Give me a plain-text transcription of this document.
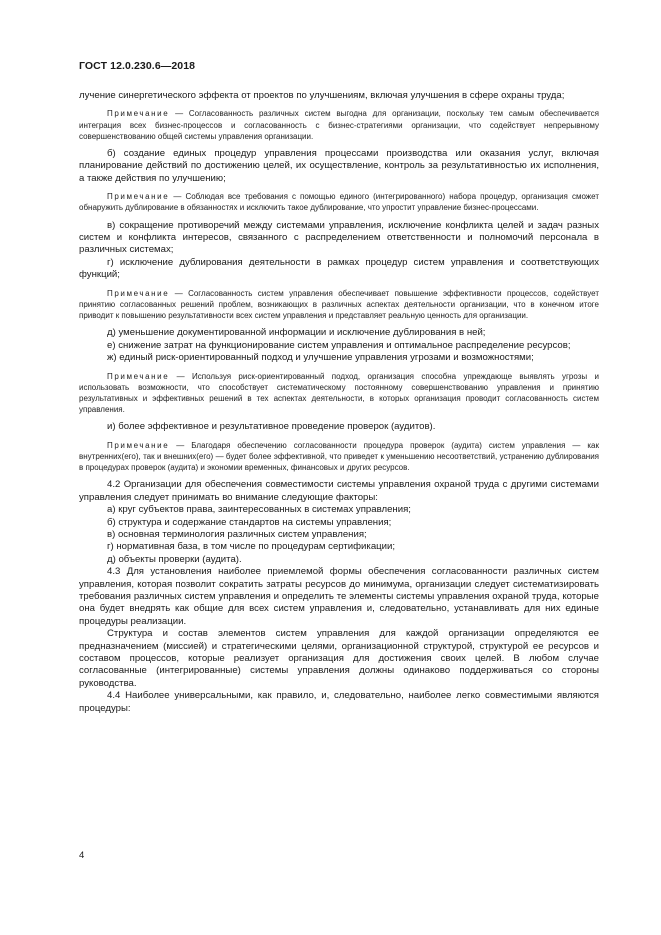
ГОСТ 12.0.230.6—2018

лучение синергетического эффекта от проектов по улучшениям, включая улучшения в сфере охраны труда;

Примечание — Согласованность различных систем выгодна для организации, поскольку тем самым обеспечивается интеграция всех бизнес-процессов и согласованность с бизнес-стратегиями организации, что содействует непрерывному совершенствованию общей системы управления организации.

б) создание единых процедур управления процессами производства или оказания услуг, включая планирование действий по достижению целей, их осуществление, контроль за результативностью их исполнения, а также действия по улучшению;

Примечание — Соблюдая все требования с помощью единого (интегрированного) набора процедур, организация сможет обнаружить дублирование в обязанностях и исключить такое дублирование, что упростит управление бизнес-процессами.

в) сокращение противоречий между системами управления, исключение конфликта целей и задач разных систем и конфликта интересов, связанного с распределением ответственности и полномочий персонала в различных системах;

г) исключение дублирования деятельности в рамках процедур систем управления и соответствующих функций;

Примечание — Согласованность систем управления обеспечивает повышение эффективности процессов, содействует принятию согласованных решений проблем, возникающих в различных аспектах деятельности организации, что в конечном итоге приводит к повышению результативности всех систем управления и представляет реальную ценность для организации.

д) уменьшение документированной информации и исключение дублирования в ней;

е) снижение затрат на функционирование систем управления и оптимальное распределение ресурсов;

ж) единый риск-ориентированный подход и улучшение управления угрозами и возможностями;

Примечание — Используя риск-ориентированный подход, организация способна упреждающе выявлять угрозы и использовать возможности, что способствует систематическому постоянному совершенствованию управления и принятию результативных и эффективных решений в тех аспектах деятельности, в которых организация проводит согласованность систем управления.

и) более эффективное и результативное проведение проверок (аудитов).

Примечание — Благодаря обеспечению согласованности процедура проверок (аудита) систем управления — как внутренних(его), так и внешних(его) — будет более эффективной, что приведет к уменьшению несоответствий, устранению дублирования в процедурах проверок (аудита) и экономии временных, финансовых и других ресурсов.

4.2 Организации для обеспечения совместимости системы управления охраной труда с другими системами управления следует принимать во внимание следующие факторы:

а) круг субъектов права, заинтересованных в системах управления;

б) структура и содержание стандартов на системы управления;

в) основная терминология различных систем управления;

г) нормативная база, в том числе по процедурам сертификации;

д) объекты проверки (аудита).

4.3 Для установления наиболее приемлемой формы обеспечения согласованности различных систем управления, которая позволит сократить затраты ресурсов до минимума, организации следует систематизировать требования различных систем управления и определить те элементы системы управления охраной труда, которые она будет внедрять как общие для всех систем управления и, следовательно, устанавливать для них единые процедуры реализации.

Структура и состав элементов систем управления для каждой организации определяются ее предназначением (миссией) и стратегическими целями, организационной структурой, структурой ее ресурсов и составом процессов, которые реализует организация для достижения своих целей. В любом случае согласованные (интегрированные) системы управления должны одинаково поддерживаться со стороны руководства.

4.4 Наиболее универсальными, как правило, и, следовательно, наиболее легко совместимыми являются процедуры:

4
